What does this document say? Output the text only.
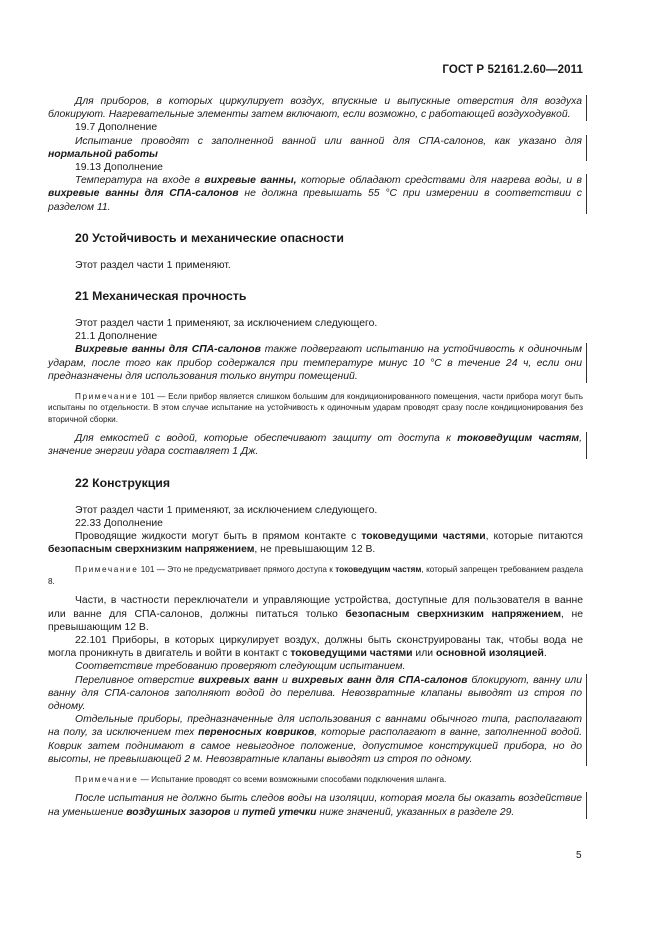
ГОСТ Р 52161.2.60—2011

Для приборов, в которых циркулирует воздух, впускные и выпускные отверстия для воздуха блокируют. Нагревательные элементы затем включают, если возможно, с работающей воздуходувкой.

19.7 Дополнение

Испытание проводят с заполненной ванной или ванной для СПА-салонов, как указано для нормальной работы

19.13 Дополнение

Температура на входе в вихревые ванны, которые обладают средствами для нагрева воды, и в вихревые ванны для СПА-салонов не должна превышать 55 °С при измерении в соответствии с разделом 11.

20 Устойчивость и механические опасности

Этот раздел части 1 применяют.

21 Механическая прочность

Этот раздел части 1 применяют, за исключением следующего.

21.1 Дополнение

Вихревые ванны для СПА-салонов также подвергают испытанию на устойчивость к одиночным ударам, после того как прибор содержался при температуре минус 10 °С в течение 24 ч, если они предназначены для использования только внутри помещений.

Примечание 101 — Если прибор является слишком большим для кондиционированного помещения, части прибора могут быть испытаны по отдельности. В этом случае испытание на устойчивость к одиночным ударам проводят сразу после кондиционирования без вторичной сборки.

Для емкостей с водой, которые обеспечивают защиту от доступа к токоведущим частям, значение энергии удара составляет 1 Дж.

22 Конструкция

Этот раздел части 1 применяют, за исключением следующего.

22.33 Дополнение

Проводящие жидкости могут быть в прямом контакте с токоведущими частями, которые питаются безопасным сверхнизким напряжением, не превышающим 12 В.

Примечание 101 — Это не предусматривает прямого доступа к токоведущим частям, который запрещен требованием раздела 8.

Части, в частности переключатели и управляющие устройства, доступные для пользователя в ванне или ванне для СПА-салонов, должны питаться только безопасным сверхнизким напряжением, не превышающим 12 В.

22.101 Приборы, в которых циркулирует воздух, должны быть сконструированы так, чтобы вода не могла проникнуть в двигатель и войти в контакт с токоведущими частями или основной изоляцией.

Соответствие требованию проверяют следующим испытанием.

Переливное отверстие вихревых ванн и вихревых ванн для СПА-салонов блокируют, ванну или ванну для СПА-салонов заполняют водой до перелива. Невозвратные клапаны выводят из строя по одному.

Отдельные приборы, предназначенные для использования с ваннами обычного типа, располагают на полу, за исключением тех переносных ковриков, которые располагают в ванне, заполненной водой. Коврик затем поднимают в самое невыгодное положение, допустимое конструкцией прибора, но до высоты, не превышающей 2 м. Невозвратные клапаны выводят из строя по одному.

Примечание — Испытание проводят со всеми возможными способами подключения шланга.

После испытания не должно быть следов воды на изоляции, которая могла бы оказать воздействие на уменьшение воздушных зазоров и путей утечки ниже значений, указанных в разделе 29.

5
